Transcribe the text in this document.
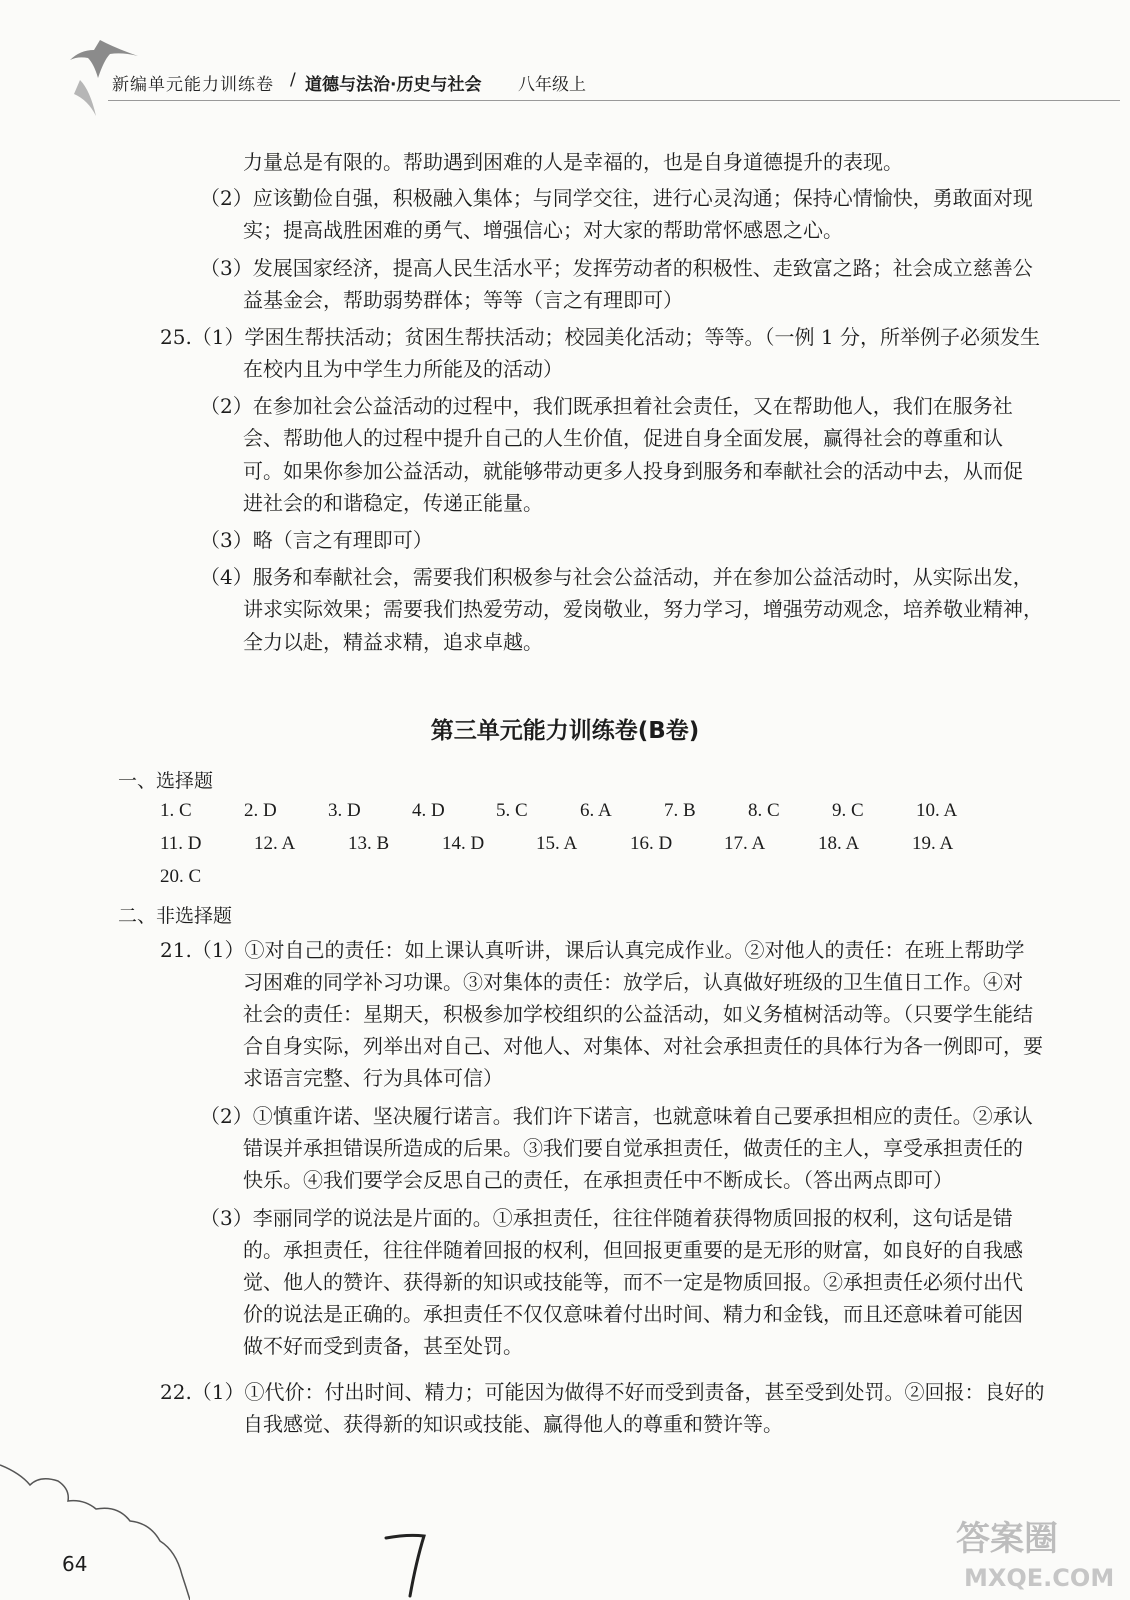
新编单元能力训练卷 / 道德与法治·历史与社会 八年级上
力量总是有限的。帮助遇到困难的人是幸福的，也是自身道德提升的表现。
（2）应该勤俭自强，积极融入集体；与同学交往，进行心灵沟通；保持心情愉快，勇敢面对现
实；提高战胜困难的勇气、增强信心；对大家的帮助常怀感恩之心。
（3）发展国家经济，提高人民生活水平；发挥劳动者的积极性、走致富之路；社会成立慈善公
益基金会，帮助弱势群体；等等（言之有理即可）
25.（1）学困生帮扶活动；贫困生帮扶活动；校园美化活动；等等。（一例 1 分，所举例子必须发生
在校内且为中学生力所能及的活动）
（2）在参加社会公益活动的过程中，我们既承担着社会责任，又在帮助他人，我们在服务社
会、帮助他人的过程中提升自己的人生价值，促进自身全面发展，赢得社会的尊重和认
可。如果你参加公益活动，就能够带动更多人投身到服务和奉献社会的活动中去，从而促
进社会的和谐稳定，传递正能量。
（3）略（言之有理即可）
（4）服务和奉献社会，需要我们积极参与社会公益活动，并在参加公益活动时，从实际出发，
讲求实际效果；需要我们热爱劳动，爱岗敬业，努力学习，增强劳动观念，培养敬业精神，
全力以赴，精益求精，追求卓越。
第三单元能力训练卷(B卷)
一、选择题
1. C	2. D	3. D	4. D	5. C	6. A	7. B	8. C	9. C	10. A
11. D	12. A	13. B	14. D	15. A	16. D	17. A	18. A	19. A
20. C
二、非选择题
21.（1）①对自己的责任：如上课认真听讲，课后认真完成作业。②对他人的责任：在班上帮助学
习困难的同学补习功课。③对集体的责任：放学后，认真做好班级的卫生值日工作。④对
社会的责任：星期天，积极参加学校组织的公益活动，如义务植树活动等。（只要学生能结
合自身实际，列举出对自己、对他人、对集体、对社会承担责任的具体行为各一例即可，要
求语言完整、行为具体可信）
（2）①慎重许诺、坚决履行诺言。我们许下诺言，也就意味着自己要承担相应的责任。②承认
错误并承担错误所造成的后果。③我们要自觉承担责任，做责任的主人，享受承担责任的
快乐。④我们要学会反思自己的责任，在承担责任中不断成长。（答出两点即可）
（3）李丽同学的说法是片面的。①承担责任，往往伴随着获得物质回报的权利，这句话是错
的。承担责任，往往伴随着回报的权利，但回报更重要的是无形的财富，如良好的自我感
觉、他人的赞许、获得新的知识或技能等，而不一定是物质回报。②承担责任必须付出代
价的说法是正确的。承担责任不仅仅意味着付出时间、精力和金钱，而且还意味着可能因
做不好而受到责备，甚至处罚。
22.（1）①代价：付出时间、精力；可能因为做得不好而受到责备，甚至受到处罚。②回报：良好的
自我感觉、获得新的知识或技能、赢得他人的尊重和赞许等。
64
答案圈
MXQE.COM
